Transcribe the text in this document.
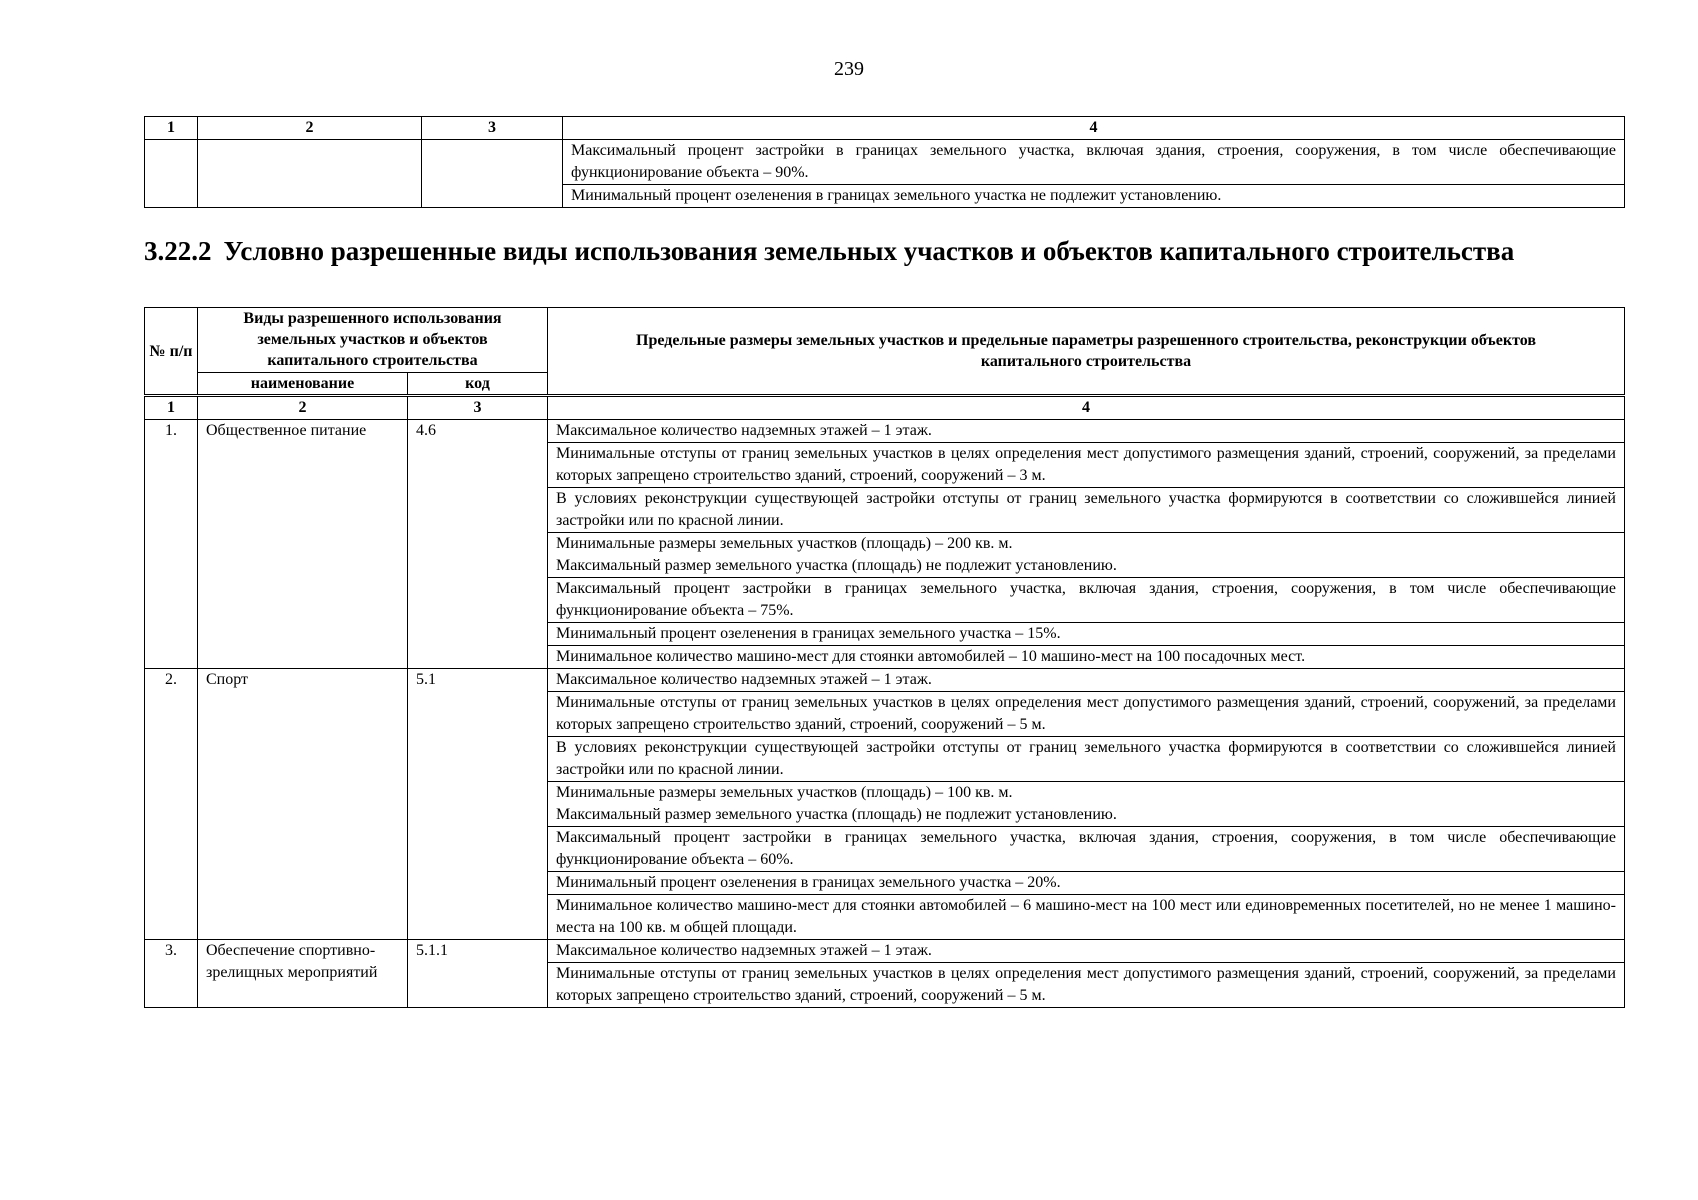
239
1	2	3	4
			Максимальный процент застройки в границах земельного участка, включая здания, строения, сооружения, в том числе обеспечивающие функционирование объекта – 90%.
			Минимальный процент озеленения в границах земельного участка не подлежит установлению.
3.22.2 Условно разрешенные виды использования земельных участков и объектов капитального строительства
№ п/п	Виды разрешенного использования земельных участков и объектов капитального строительства		Предельные размеры земельных участков и предельные параметры разрешенного строительства, реконструкции объектов капитального строительства
	наименование	код	
1	2	3	4
1.	Общественное питание	4.6	Максимальное количество надземных этажей – 1 этаж.
			Минимальные отступы от границ земельных участков в целях определения мест допустимого размещения зданий, строений, сооружений, за пределами которых запрещено строительство зданий, строений, сооружений – 3 м.
			В условиях реконструкции существующей застройки отступы от границ земельного участка формируются в соответствии со сложившейся линией застройки или по красной линии.
			Минимальные размеры земельных участков (площадь) – 200 кв. м.
Максимальный размер земельного участка (площадь) не подлежит установлению.
			Максимальный процент застройки в границах земельного участка, включая здания, строения, сооружения, в том числе обеспечивающие функционирование объекта – 75%.
			Минимальный процент озеленения в границах земельного участка – 15%.
			Минимальное количество машино-мест для стоянки автомобилей – 10 машино-мест на 100 посадочных мест.
2.	Спорт	5.1	Максимальное количество надземных этажей – 1 этаж.
			Минимальные отступы от границ земельных участков в целях определения мест допустимого размещения зданий, строений, сооружений, за пределами которых запрещено строительство зданий, строений, сооружений – 5 м.
			В условиях реконструкции существующей застройки отступы от границ земельного участка формируются в соответствии со сложившейся линией застройки или по красной линии.
			Минимальные размеры земельных участков (площадь) – 100 кв. м.
Максимальный размер земельного участка (площадь) не подлежит установлению.
			Максимальный процент застройки в границах земельного участка, включая здания, строения, сооружения, в том числе обеспечивающие функционирование объекта – 60%.
			Минимальный процент озеленения в границах земельного участка – 20%.
			Минимальное количество машино-мест для стоянки автомобилей – 6 машино-мест на 100 мест или единовременных посетителей, но не менее 1 машино-места на 100 кв. м общей площади.
3.	Обеспечение спортивно-зрелищных мероприятий	5.1.1	Максимальное количество надземных этажей – 1 этаж.
			Минимальные отступы от границ земельных участков в целях определения мест допустимого размещения зданий, строений, сооружений, за пределами которых запрещено строительство зданий, строений, сооружений – 5 м.
